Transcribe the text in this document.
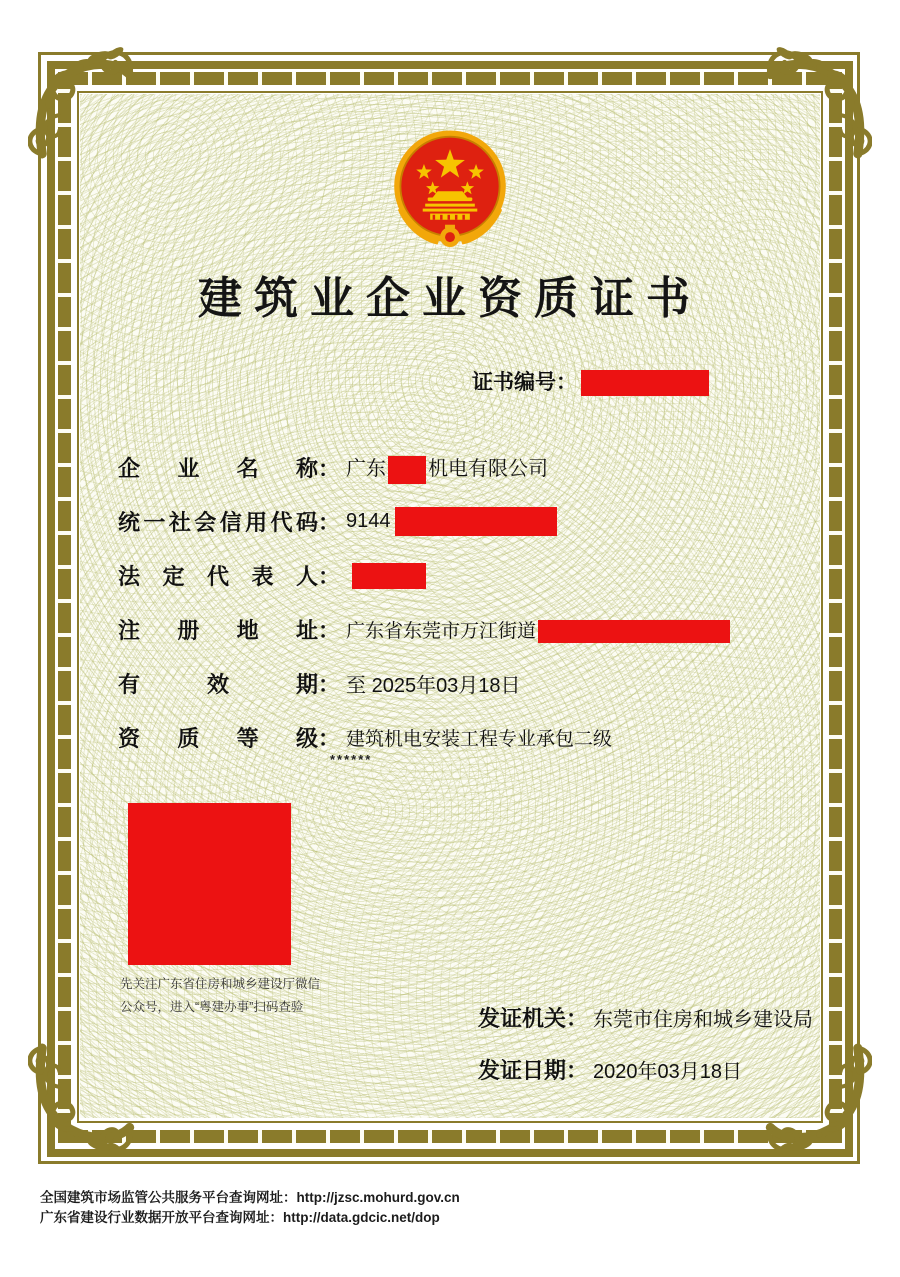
建筑业企业资质证书
证书编号：
企业名称： 广东 机电有限公司
统一社会信用代码： 9144
法定代表人：
注册地址： 广东省东莞市万江街道
有效期： 至 2025年03月18日
资质等级： 建筑机电安装工程专业承包二级
******
先关注广东省住房和城乡建设厅微信
公众号，进入“粤建办事”扫码查验	发证机关： 东莞市住房和城乡建设局
发证日期： 2020年03月18日
全国建筑市场监管公共服务平台查询网址：http://jzsc.mohurd.gov.cn
广东省建设行业数据开放平台查询网址：http://data.gdcic.net/dop
